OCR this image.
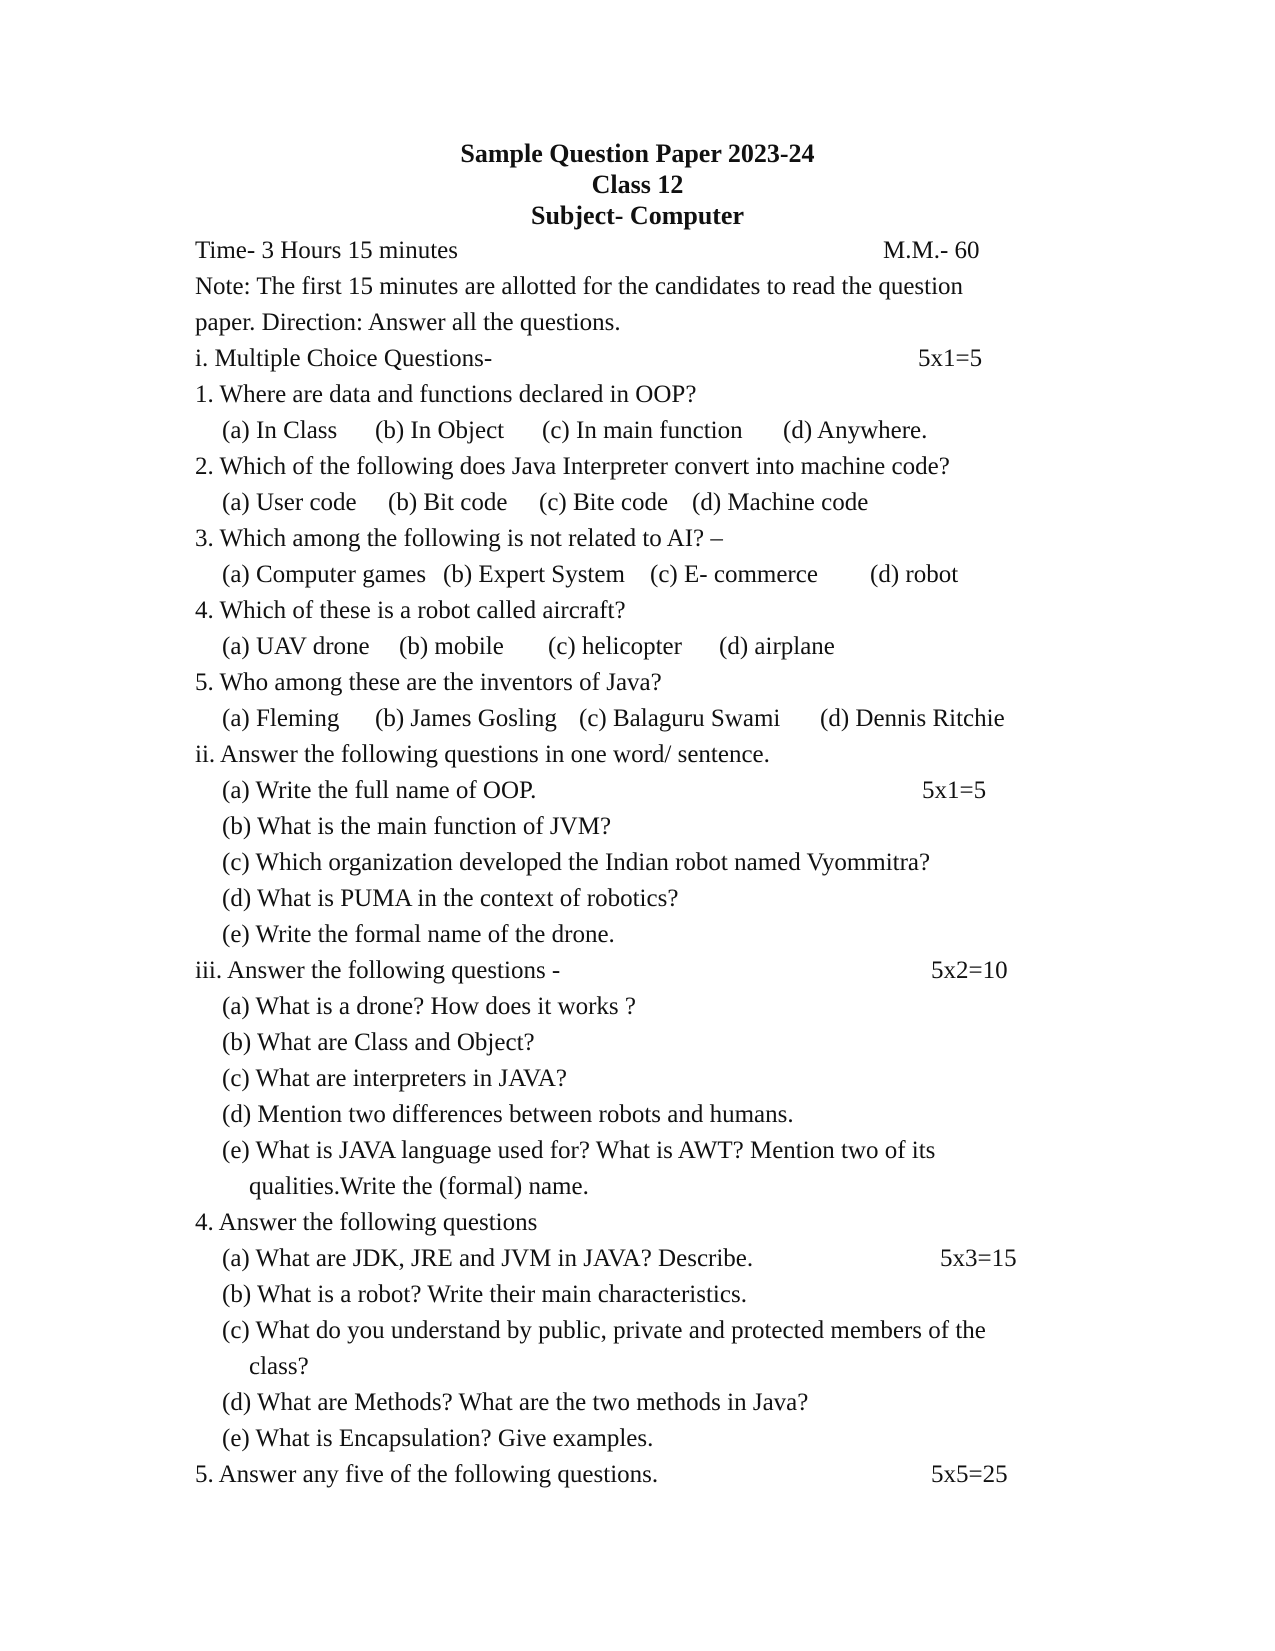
Sample Question Paper 2023-24
Class 12
Subject- Computer
Time- 3 Hours 15 minutes	M.M.- 60
Note: The first 15 minutes are allotted for the candidates to read the question
paper. Direction: Answer all the questions.
i. Multiple Choice Questions-	5x1=5
1. Where are data and functions declared in OOP?
(a) In Class (b) In Object (c) In main function (d) Anywhere.
2. Which of the following does Java Interpreter convert into machine code?
(a) User code (b) Bit code (c) Bite code (d) Machine code
3. Which among the following is not related to AI? –
(a) Computer games (b) Expert System (c) E- commerce (d) robot
4. Which of these is a robot called aircraft?
(a) UAV drone (b) mobile (c) helicopter (d) airplane
5. Who among these are the inventors of Java?
(a) Fleming (b) James Gosling (c) Balaguru Swami (d) Dennis Ritchie
ii. Answer the following questions in one word/ sentence.
(a) Write the full name of OOP.	5x1=5
(b) What is the main function of JVM?
(c) Which organization developed the Indian robot named Vyommitra?
(d) What is PUMA in the context of robotics?
(e) Write the formal name of the drone.
iii. Answer the following questions -	5x2=10
(a) What is a drone? How does it works ?
(b) What are Class and Object?
(c) What are interpreters in JAVA?
(d) Mention two differences between robots and humans.
(e) What is JAVA language used for? What is AWT? Mention two of its
qualities.Write the (formal) name.
4. Answer the following questions
(a) What are JDK, JRE and JVM in JAVA? Describe.	5x3=15
(b) What is a robot? Write their main characteristics.
(c) What do you understand by public, private and protected members of the
class?
(d) What are Methods? What are the two methods in Java?
(e) What is Encapsulation? Give examples.
5. Answer any five of the following questions.	5x5=25
